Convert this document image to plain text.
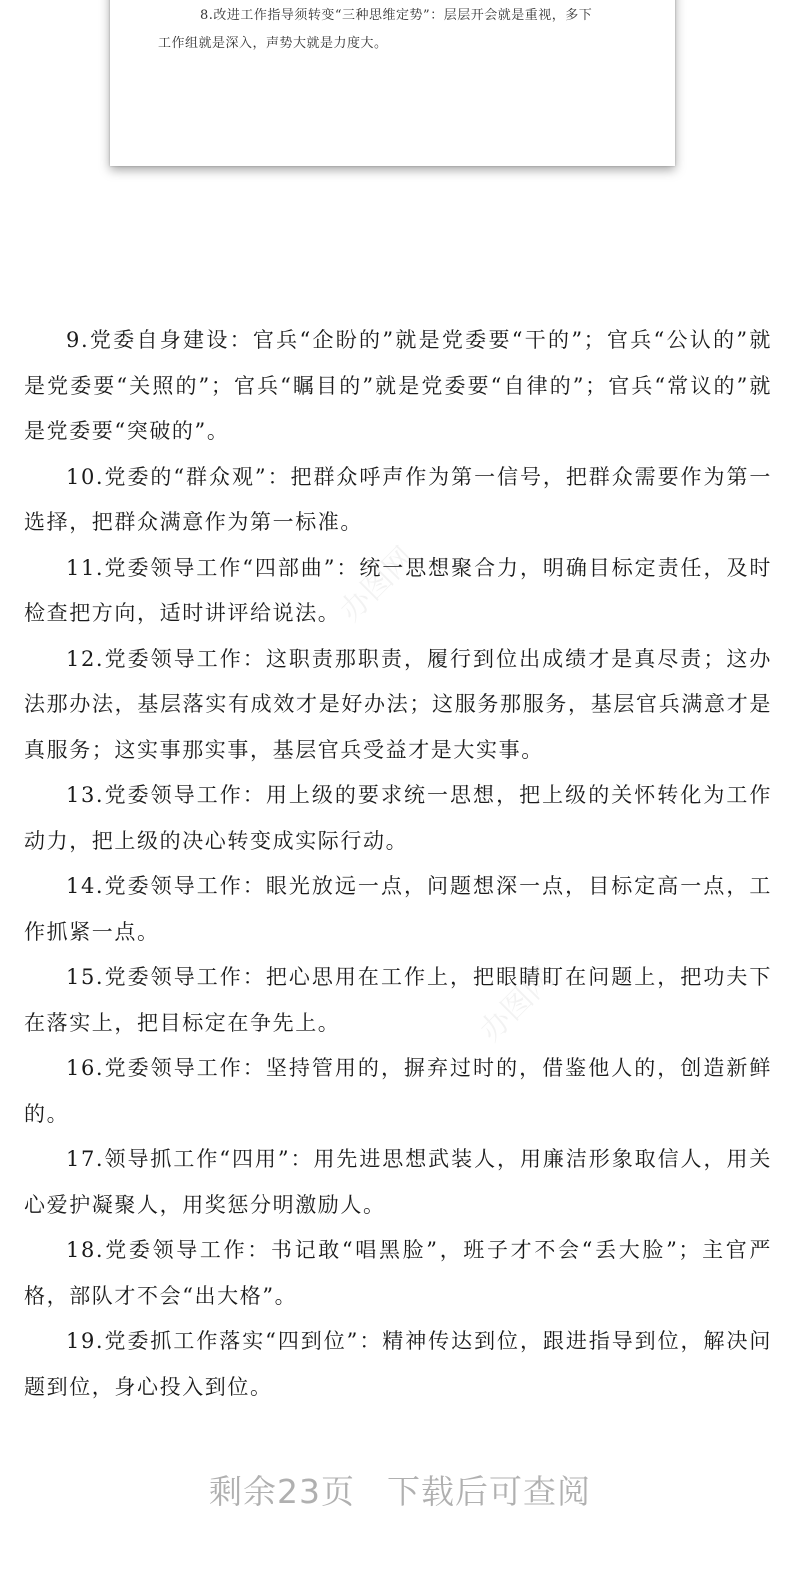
8.改进工作指导须转变“三种思维定势”：层层开会就是重视，多下
工作组就是深入，声势大就是力度大。
办图网
办图网

9.党委自身建设：官兵“企盼的”就是党委要“干的”；官兵“公认的”就是党委要“关照的”；官兵“瞩目的”就是党委要“自律的”；官兵“常议的”就是党委要“突破的”。

10.党委的“群众观”：把群众呼声作为第一信号，把群众需要作为第一选择，把群众满意作为第一标准。

11.党委领导工作“四部曲”：统一思想聚合力，明确目标定责任，及时检查把方向，适时讲评给说法。

12.党委领导工作：这职责那职责，履行到位出成绩才是真尽责；这办法那办法，基层落实有成效才是好办法；这服务那服务，基层官兵满意才是真服务；这实事那实事，基层官兵受益才是大实事。

13.党委领导工作：用上级的要求统一思想，把上级的关怀转化为工作动力，把上级的决心转变成实际行动。

14.党委领导工作：眼光放远一点，问题想深一点，目标定高一点，工作抓紧一点。

15.党委领导工作：把心思用在工作上，把眼睛盯在问题上，把功夫下在落实上，把目标定在争先上。

16.党委领导工作：坚持管用的，摒弃过时的，借鉴他人的，创造新鲜的。

17.领导抓工作“四用”：用先进思想武装人，用廉洁形象取信人，用关心爱护凝聚人，用奖惩分明激励人。

18.党委领导工作：书记敢“唱黑脸”，班子才不会“丢大脸”；主官严格，部队才不会“出大格”。

19.党委抓工作落实“四到位”：精神传达到位，跟进指导到位，解决问题到位，身心投入到位。

剩余23页 下载后可查阅
